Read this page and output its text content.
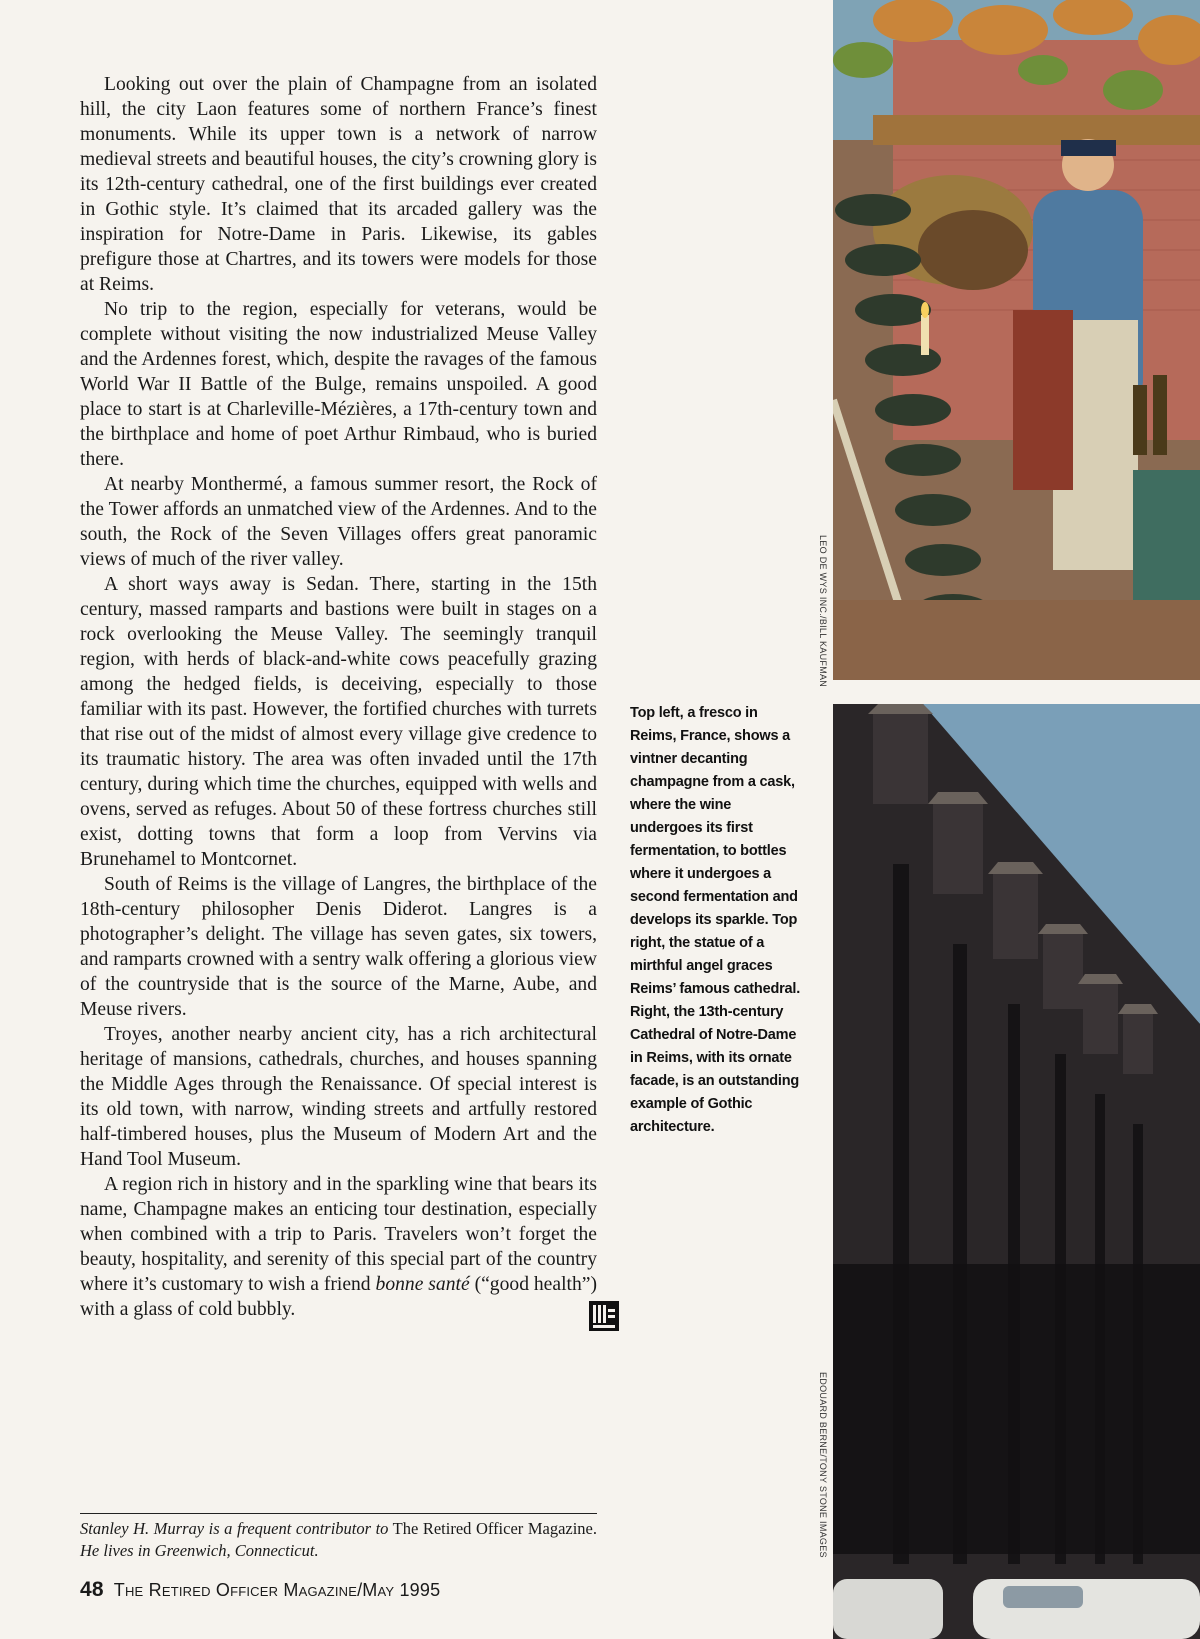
Looking out over the plain of Champagne from an isolated hill, the city Laon features some of northern France’s finest monuments. While its upper town is a network of narrow medieval streets and beautiful houses, the city’s crowning glory is its 12th-century cathedral, one of the first buildings ever created in Gothic style. It’s claimed that its arcaded gallery was the inspiration for Notre-Dame in Paris. Likewise, its gables prefigure those at Chartres, and its towers were models for those at Reims.

No trip to the region, especially for veterans, would be complete without visiting the now industrialized Meuse Valley and the Ardennes forest, which, despite the ravages of the famous World War II Battle of the Bulge, remains unspoiled. A good place to start is at Charleville-Mézières, a 17th-century town and the birthplace and home of poet Arthur Rimbaud, who is buried there.

At nearby Monthermé, a famous summer resort, the Rock of the Tower affords an unmatched view of the Ardennes. And to the south, the Rock of the Seven Villages offers great panoramic views of much of the river valley.

A short ways away is Sedan. There, starting in the 15th century, massed ramparts and bastions were built in stages on a rock overlooking the Meuse Valley. The seemingly tranquil region, with herds of black-and-white cows peacefully grazing among the hedged fields, is deceiving, especially to those familiar with its past. However, the fortified churches with turrets that rise out of the midst of almost every village give credence to its traumatic history. The area was often invaded until the 17th century, during which time the churches, equipped with wells and ovens, served as refuges. About 50 of these fortress churches still exist, dotting towns that form a loop from Vervins via Brunehamel to Montcornet.

South of Reims is the village of Langres, the birthplace of the 18th-century philosopher Denis Diderot. Langres is a photographer’s delight. The village has seven gates, six towers, and ramparts crowned with a sentry walk offering a glorious view of the countryside that is the source of the Marne, Aube, and Meuse rivers.

Troyes, another nearby ancient city, has a rich architectural heritage of mansions, cathedrals, churches, and houses spanning the Middle Ages through the Renaissance. Of special interest is its old town, with narrow, winding streets and artfully restored half-timbered houses, plus the Museum of Modern Art and the Hand Tool Museum.

A region rich in history and in the sparkling wine that bears its name, Champagne makes an enticing tour destination, especially when combined with a trip to Paris. Travelers won’t forget the beauty, hospitality, and serenity of this special part of the country where it’s customary to wish a friend bonne santé (“good health”) with a glass of cold bubbly.

Stanley H. Murray is a frequent contributor to The Retired Officer Magazine. He lives in Greenwich, Connecticut.
48 The Retired Officer Magazine/May 1995
Top left, a fresco in Reims, France, shows a vintner decanting champagne from a cask, where the wine undergoes its first fermentation, to bottles where it undergoes a second fermentation and develops its sparkle. Top right, the statue of a mirthful angel graces Reims’ famous cathedral. Right, the 13th-century Cathedral of Notre-Dame in Reims, with its ornate facade, is an outstanding example of Gothic architecture.
LEO DE WYS INC./BILL KAUFMAN
EDOUARD BERNE/TONY STONE IMAGES
